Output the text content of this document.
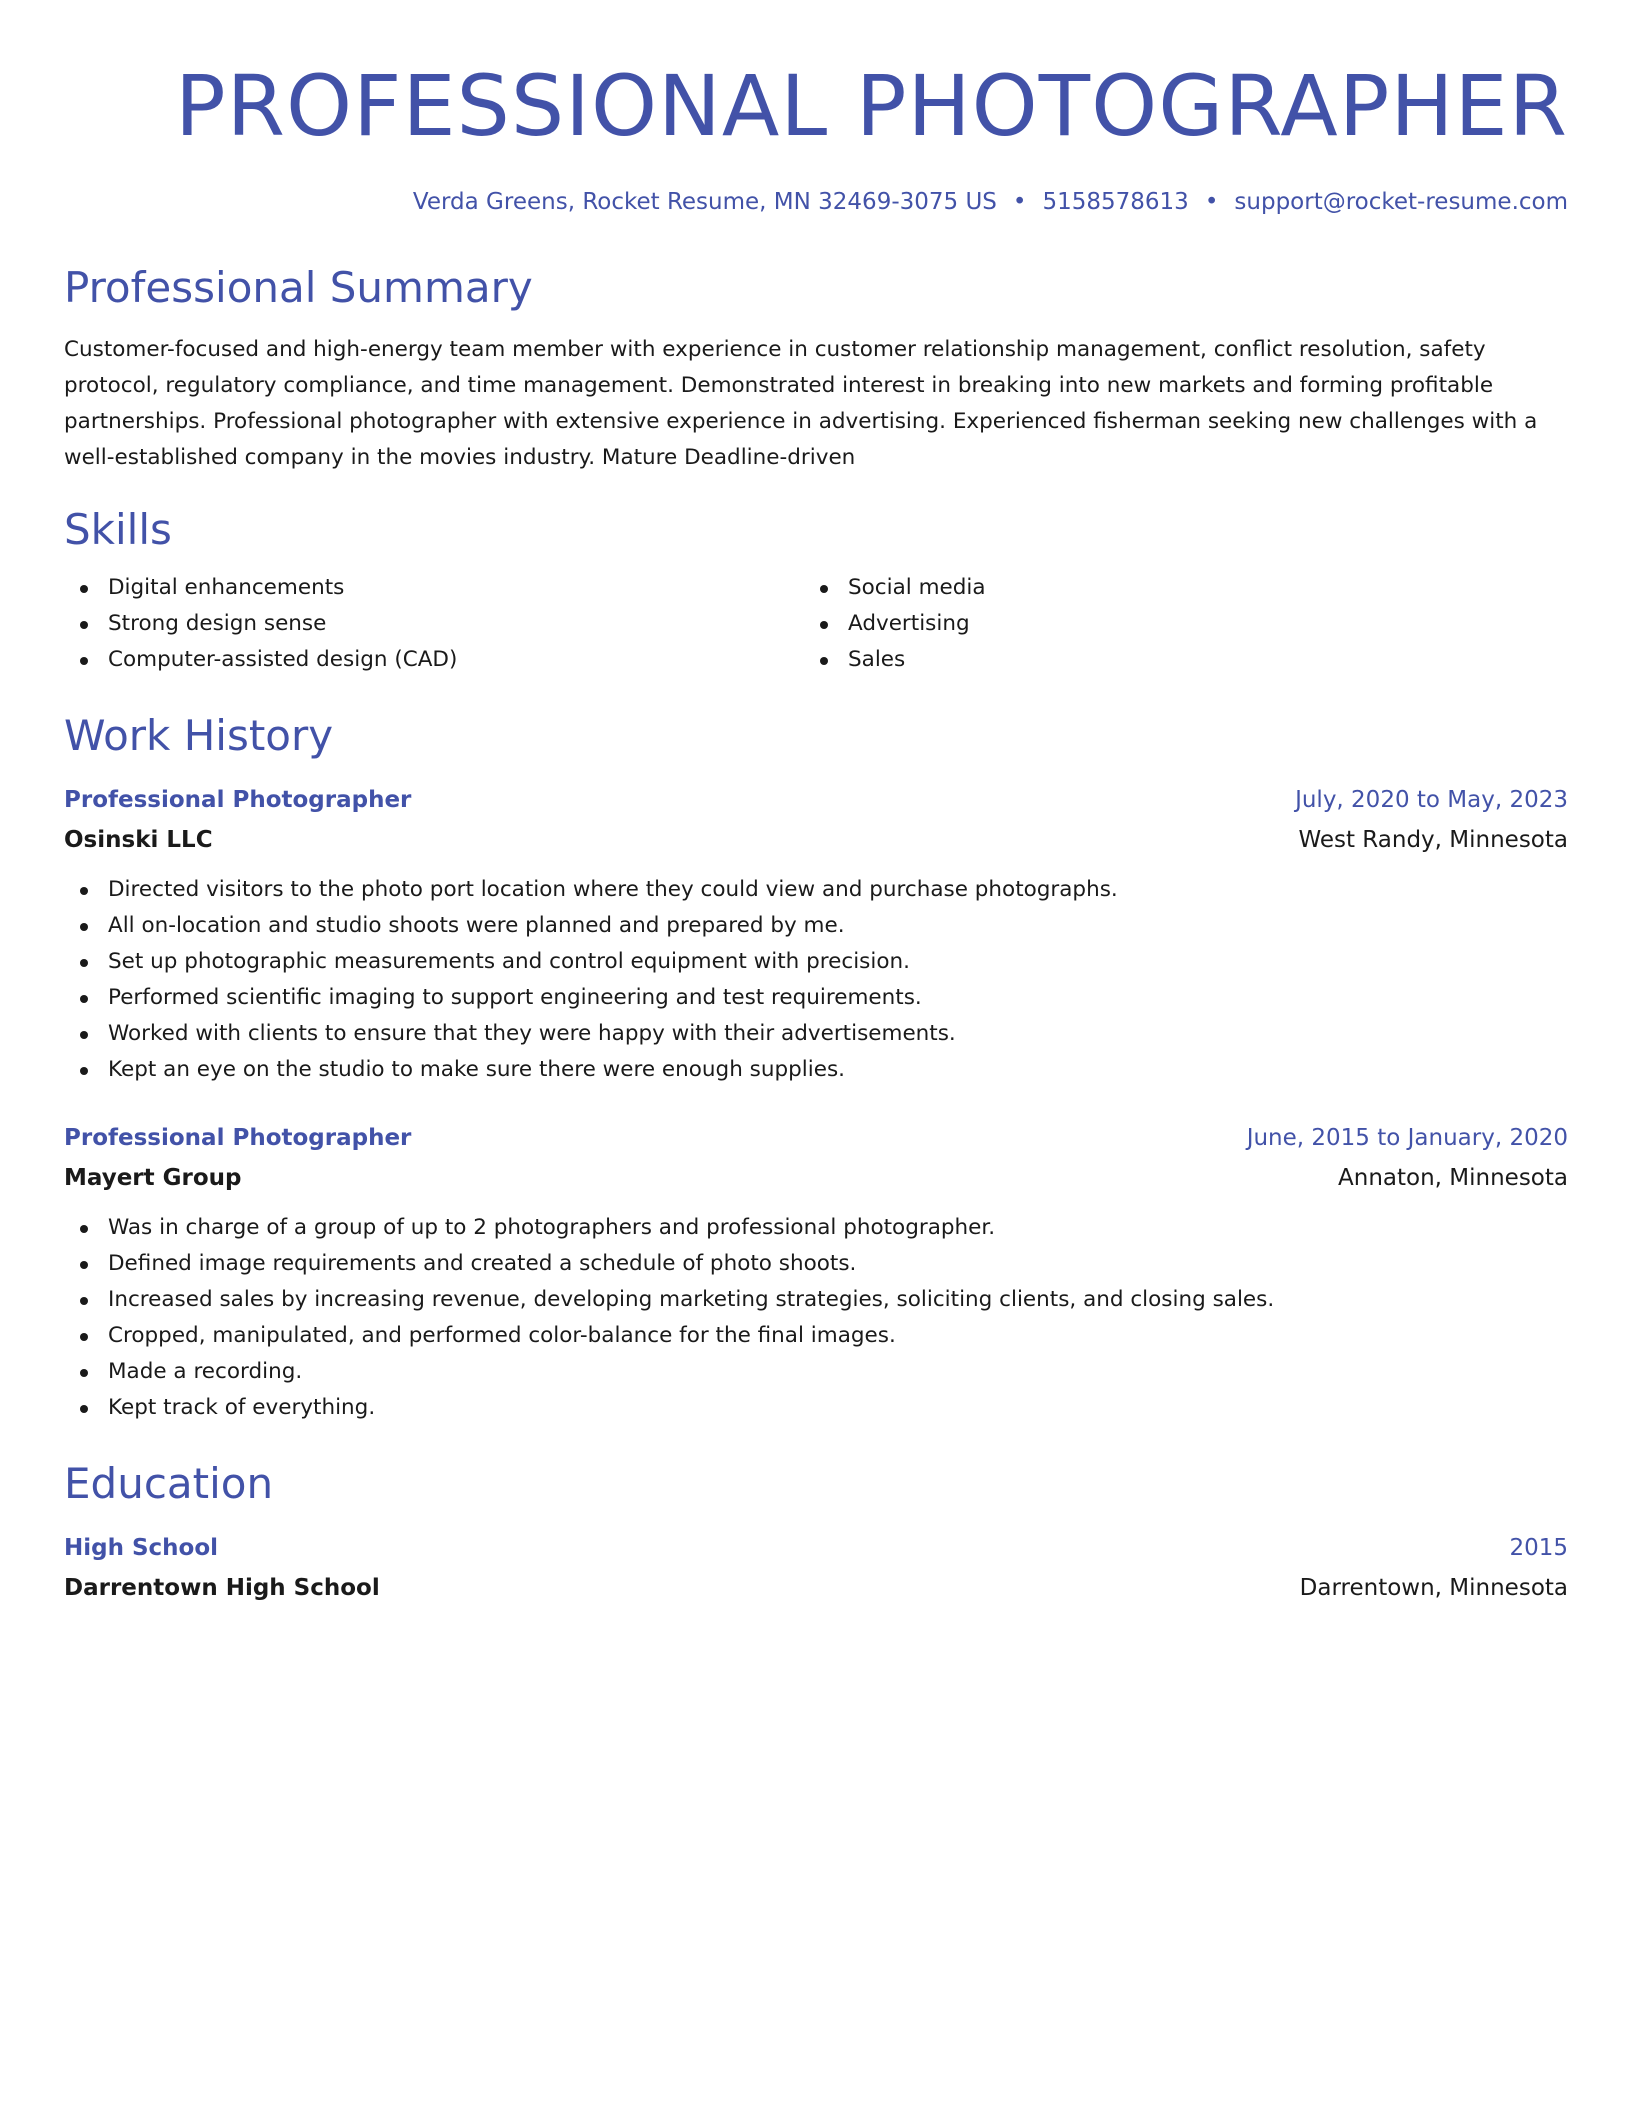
PROFESSIONAL PHOTOGRAPHER
Verda Greens, Rocket Resume, MN 32469-3075 US • 5158578613 • support@rocket-resume.com
Professional Summary

Customer-focused and high-energy team member with experience in customer relationship management, conflict resolution, safety protocol, regulatory compliance, and time management. Demonstrated interest in breaking into new markets and forming profitable partnerships. Professional photographer with extensive experience in advertising. Experienced fisherman seeking new challenges with a well-established company in the movies industry. Mature Deadline-driven

Skills
Digital enhancements
Strong design sense
Computer-assisted design (CAD)
Social media
Advertising
Sales
Work History
Professional Photographer	July, 2020 to May, 2023
Osinski LLC	West Randy, Minnesota
Directed visitors to the photo port location where they could view and purchase photographs.
All on-location and studio shoots were planned and prepared by me.
Set up photographic measurements and control equipment with precision.
Performed scientific imaging to support engineering and test requirements.
Worked with clients to ensure that they were happy with their advertisements.
Kept an eye on the studio to make sure there were enough supplies.
Professional Photographer	June, 2015 to January, 2020
Mayert Group	Annaton, Minnesota
Was in charge of a group of up to 2 photographers and professional photographer.
Defined image requirements and created a schedule of photo shoots.
Increased sales by increasing revenue, developing marketing strategies, soliciting clients, and closing sales.
Cropped, manipulated, and performed color-balance for the final images.
Made a recording.
Kept track of everything.
Education
High School	2015
Darrentown High School	Darrentown, Minnesota
